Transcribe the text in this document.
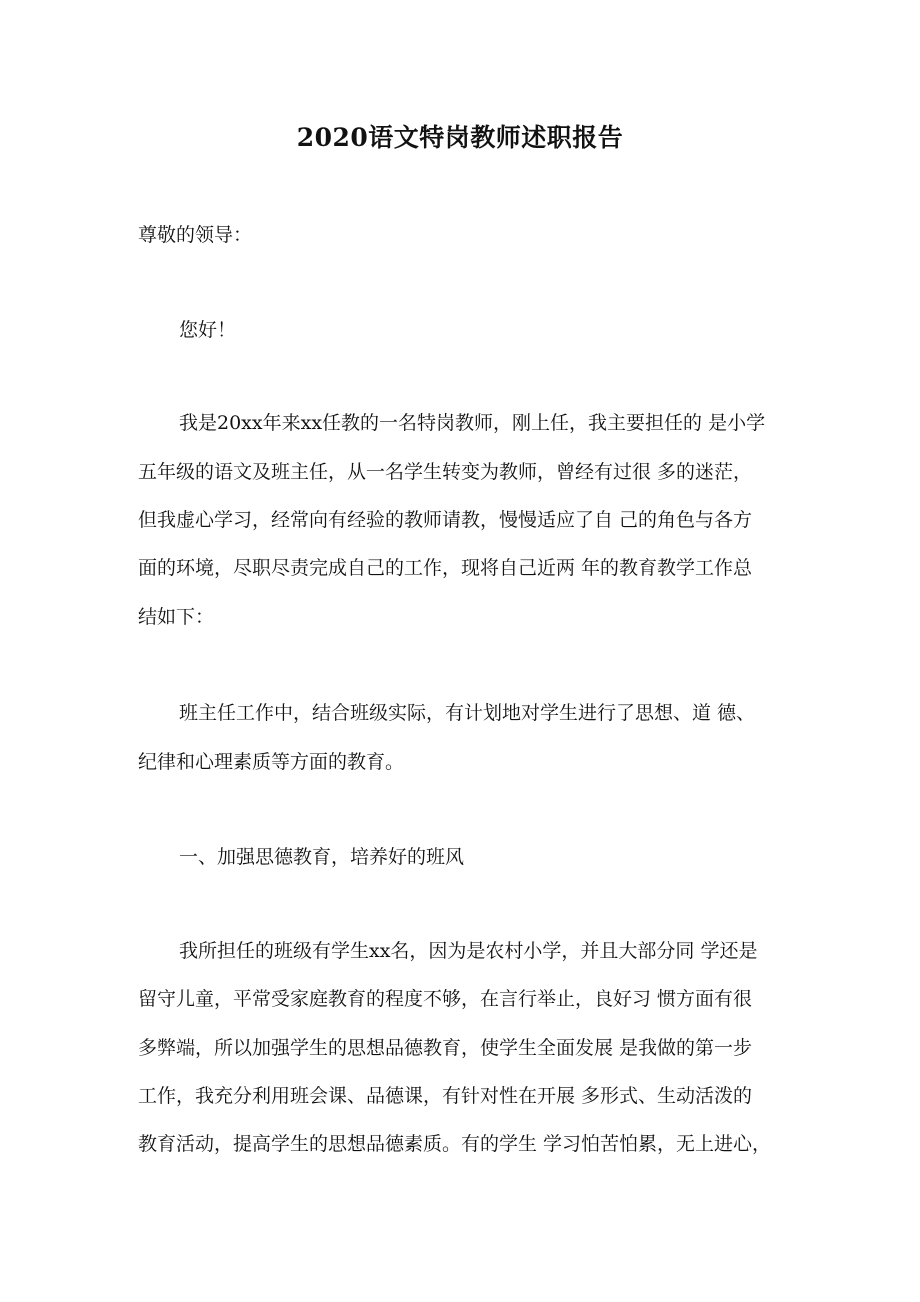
2020语文特岗教师述职报告
尊敬的领导：
您好！
我是20xx年来xx任教的一名特岗教师，刚上任，我主要担任的 是小学
五年级的语文及班主任，从一名学生转变为教师，曾经有过很 多的迷茫，
但我虚心学习，经常向有经验的教师请教，慢慢适应了自 己的角色与各方
面的环境，尽职尽责完成自己的工作，现将自己近两 年的教育教学工作总
结如下：
班主任工作中，结合班级实际，有计划地对学生进行了思想、道 德、
纪律和心理素质等方面的教育。
一、加强思德教育，培养好的班风
我所担任的班级有学生xx名，因为是农村小学，并且大部分同 学还是
留守儿童，平常受家庭教育的程度不够，在言行举止，良好习 惯方面有很
多弊端，所以加强学生的思想品德教育，使学生全面发展 是我做的第一步
工作，我充分利用班会课、品德课，有针对性在开展 多形式、生动活泼的
教育活动，提高学生的思想品德素质。有的学生 学习怕苦怕累，无上进心，
